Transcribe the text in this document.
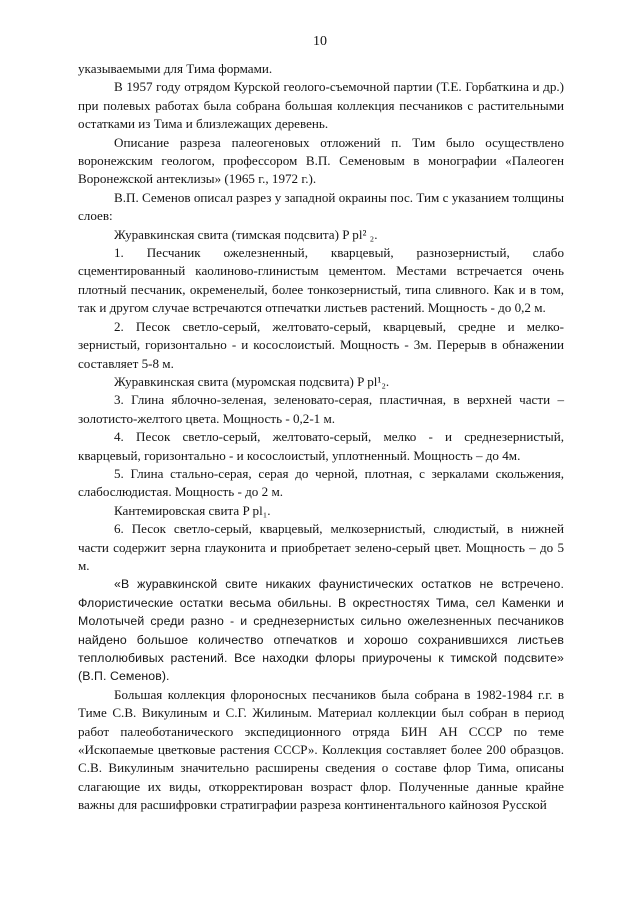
10

указываемыми для Тима формами.

В 1957 году отрядом Курской геолого-съемочной партии (Т.Е. Горбаткина и др.) при полевых работах была собрана большая коллекция песчаников с растительными остатками из Тима и близлежащих деревень.

Описание разреза палеогеновых отложений п. Тим было осуществлено воронежским геологом, профессором В.П. Семеновым в монографии «Палеоген Воронежской антеклизы» (1965 г., 1972 г.).

В.П. Семенов описал разрез у западной окраины пос. Тим с указанием толщины слоев:

Журавкинская свита (тимская подсвита) P pl² ₂.

1. Песчаник ожелезненный, кварцевый, разнозернистый, слабо сцементированный каолиново-глинистым цементом. Местами встречается очень плотный песчаник, окременелый, более тонкозернистый, типа сливного. Как и в том, так и другом случае встречаются отпечатки листьев растений. Мощность - до 0,2 м.

2. Песок светло-серый, желтовато-серый, кварцевый, средне и мелко-зернистый, горизонтально - и косослоистый. Мощность - 3м. Перерыв в обнажении составляет 5-8 м.

Журавкинская свита (муромская подсвита) P pl¹₂.

3. Глина яблочно-зеленая, зеленовато-серая, пластичная, в верхней части – золотисто-желтого цвета. Мощность - 0,2-1 м.

4. Песок светло-серый, желтовато-серый, мелко - и среднезернистый, кварцевый, горизонтально - и косослоистый, уплотненный. Мощность – до 4м.

5. Глина стально-серая, серая до черной, плотная, с зеркалами скольжения, слабослюдистая. Мощность - до 2 м.

Кантемировская свита P pl₁.

6. Песок светло-серый, кварцевый, мелкозернистый, слюдистый, в нижней части содержит зерна глауконита и приобретает зелено-серый цвет. Мощность – до 5 м.

«В журавкинской свите никаких фаунистических остатков не встречено. Флористические остатки весьма обильны. В окрестностях Тима, сел Каменки и Молотычей среди разно - и среднезернистых сильно ожелезненных песчаников найдено большое количество отпечатков и хорошо сохранившихся листьев теплолюбивых растений. Все находки флоры приурочены к тимской подсвите» (В.П. Семенов).

Большая коллекция флороносных песчаников была собрана в 1982-1984 г.г. в Тиме С.В. Викулиным и С.Г. Жилиным. Материал коллекции был собран в период работ палеоботанического экспедиционного отряда БИН АН СССР по теме «Ископаемые цветковые растения СССР». Коллекция составляет более 200 образцов. С.В. Викулиным значительно расширены сведения о составе флор Тима, описаны слагающие их виды, откорректирован возраст флор. Полученные данные крайне важны для расшифровки стратиграфии разреза континентального кайнозоя Русской
